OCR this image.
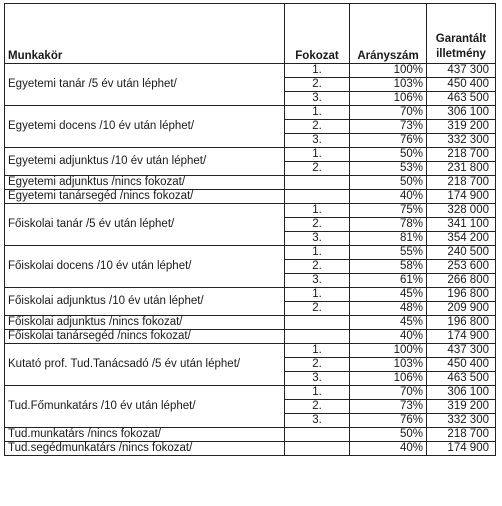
Munkakör	Fokozat	Arányszám	Garantált
illetmény
Egyetemi tanár /5 év után léphet/	1.	100%	437 300
	2.	103%	450 400
	3.	106%	463 500
Egyetemi docens /10 év után léphet/	1.	70%	306 100
	2.	73%	319 200
	3.	76%	332 300
Egyetemi adjunktus /10 év után léphet/	1.	50%	218 700
	2.	53%	231 800
Egyetemi adjunktus /nincs fokozat/		50%	218 700
Egyetemi tanársegéd /nincs fokozat/		40%	174 900
Főiskolai tanár /5 év után léphet/	1.	75%	328 000
	2.	78%	341 100
	3.	81%	354 200
Főiskolai docens /10 év után léphet/	1.	55%	240 500
	2.	58%	253 600
	3.	61%	266 800
Főiskolai adjunktus /10 év után léphet/	1.	45%	196 800
	2.	48%	209 900
Főiskolai adjunktus /nincs fokozat/		45%	196 800
Főiskolai tanársegéd /nincs fokozat/		40%	174 900
Kutató prof. Tud.Tanácsadó /5 év után léphet/	1.	100%	437 300
	2.	103%	450 400
	3.	106%	463 500
Tud.Főmunkatárs /10 év után léphet/	1.	70%	306 100
	2.	73%	319 200
	3.	76%	332 300
Tud.munkatárs /nincs fokozat/		50%	218 700
Tud.segédmunkatárs /nincs fokozat/		40%	174 900
